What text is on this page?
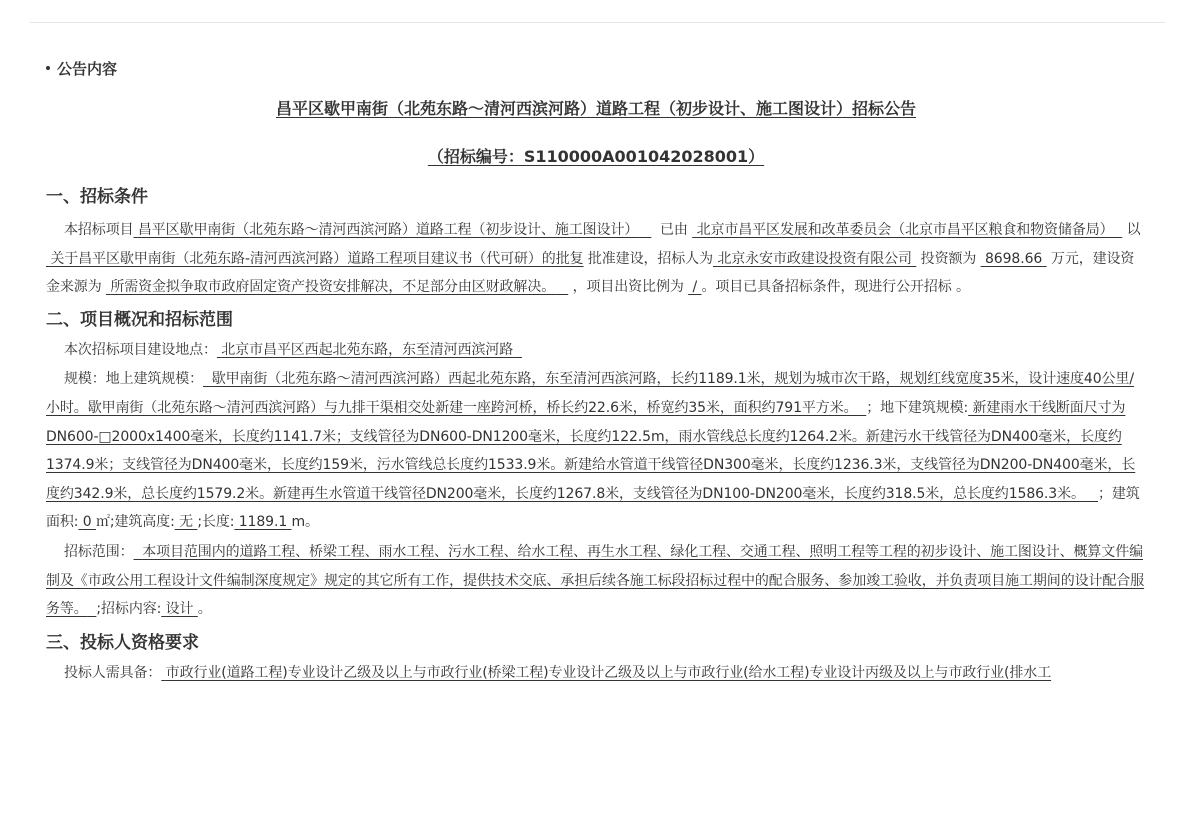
公告内容
昌平区歇甲南街（北苑东路～清河西滨河路）道路工程（初步设计、施工图设计）招标公告
（招标编号：S110000A001042028001）
一、招标条件

本招标项目 昌平区歇甲南街（北苑东路～清河西滨河路）道路工程（初步设计、施工图设计） 已由 北京市昌平区发展和改革委员会（北京市昌平区粮食和物资储备局） 以  关于昌平区歇甲南街（北苑东路-清河西滨河路）道路工程项目建议书（代可研）的批复 批准建设，招标人为 北京永安市政建设投资有限公司 投资额为 8698.66 万元，建设资金来源为 所需资金拟争取市政府固定资产投资安排解决，不足部分由区财政解决。 ，项目出资比例为 / 。项目已具备招标条件，现进行公开招标 。

二、项目概况和招标范围

本次招标项目建设地点： 北京市昌平区西起北苑东路，东至清河西滨河路

规模：地上建筑规模： 歇甲南街（北苑东路～清河西滨河路）西起北苑东路，东至清河西滨河路，长约1189.1米，规划为城市次干路，规划红线宽度35米，设计速度40公里/小时。歇甲南街（北苑东路～清河西滨河路）与九排干渠相交处新建一座跨河桥，桥长约22.6米，桥宽约35米，面积约791平方米。 ；地下建筑规模: 新建雨水干线断面尺寸为DN600-□2000x1400毫米，长度约1141.7米；支线管径为DN600-DN1200毫米，长度约122.5m，雨水管线总长度约1264.2米。新建污水干线管径为DN400毫米，长度约1374.9米；支线管径为DN400毫米，长度约159米，污水管线总长度约1533.9米。新建给水管道干线管径DN300毫米，长度约1236.3米，支线管径为DN200-DN400毫米，长度约342.9米，总长度约1579.2米。新建再生水管道干线管径DN200毫米，长度约1267.8米，支线管径为DN100-DN200毫米，长度约318.5米，总长度约1586.3米。 ；建筑面积: 0 ㎡;建筑高度: 无 ;长度: 1189.1 m。

招标范围： 本项目范围内的道路工程、桥梁工程、雨水工程、污水工程、给水工程、再生水工程、绿化工程、交通工程、照明工程等工程的初步设计、施工图设计、概算文件编制及《市政公用工程设计文件编制深度规定》规定的其它所有工作，提供技术交底、承担后续各施工标段招标过程中的配合服务、参加竣工验收，并负责项目施工期间的设计配合服务等。 ;招标内容: 设计 。

三、投标人资格要求

投标人需具备： 市政行业(道路工程)专业设计乙级及以上与市政行业(桥梁工程)专业设计乙级及以上与市政行业(给水工程)专业设计丙级及以上与市政行业(排水工
